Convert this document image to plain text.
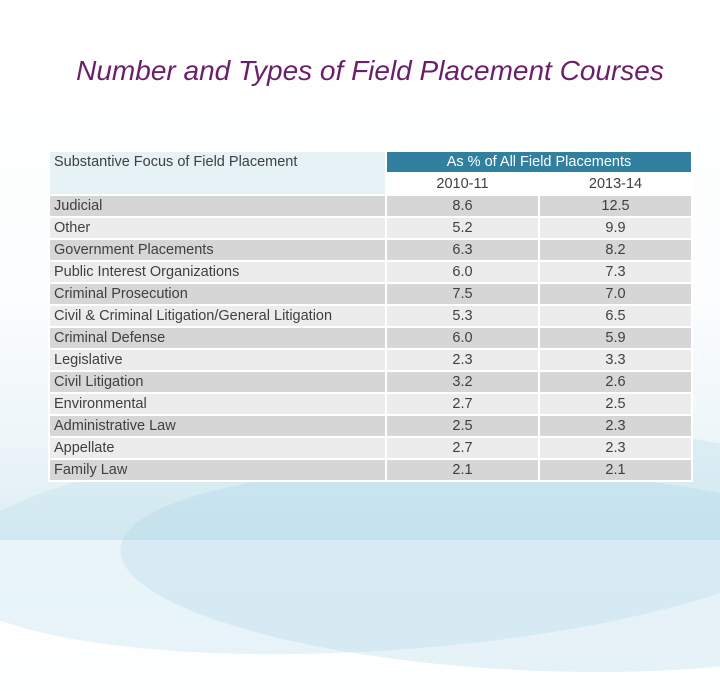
Number and Types of Field Placement Courses
Substantive Focus of Field Placement	As % of All Field Placements	
	2010-11	2013-14
Judicial	8.6	12.5
Other	5.2	9.9
Government Placements	6.3	8.2
Public Interest Organizations	6.0	7.3
Criminal Prosecution	7.5	7.0
Civil & Criminal Litigation/General Litigation	5.3	6.5
Criminal Defense	6.0	5.9
Legislative	2.3	3.3
Civil Litigation	3.2	2.6
Environmental	2.7	2.5
Administrative Law	2.5	2.3
Appellate	2.7	2.3
Family Law	2.1	2.1
